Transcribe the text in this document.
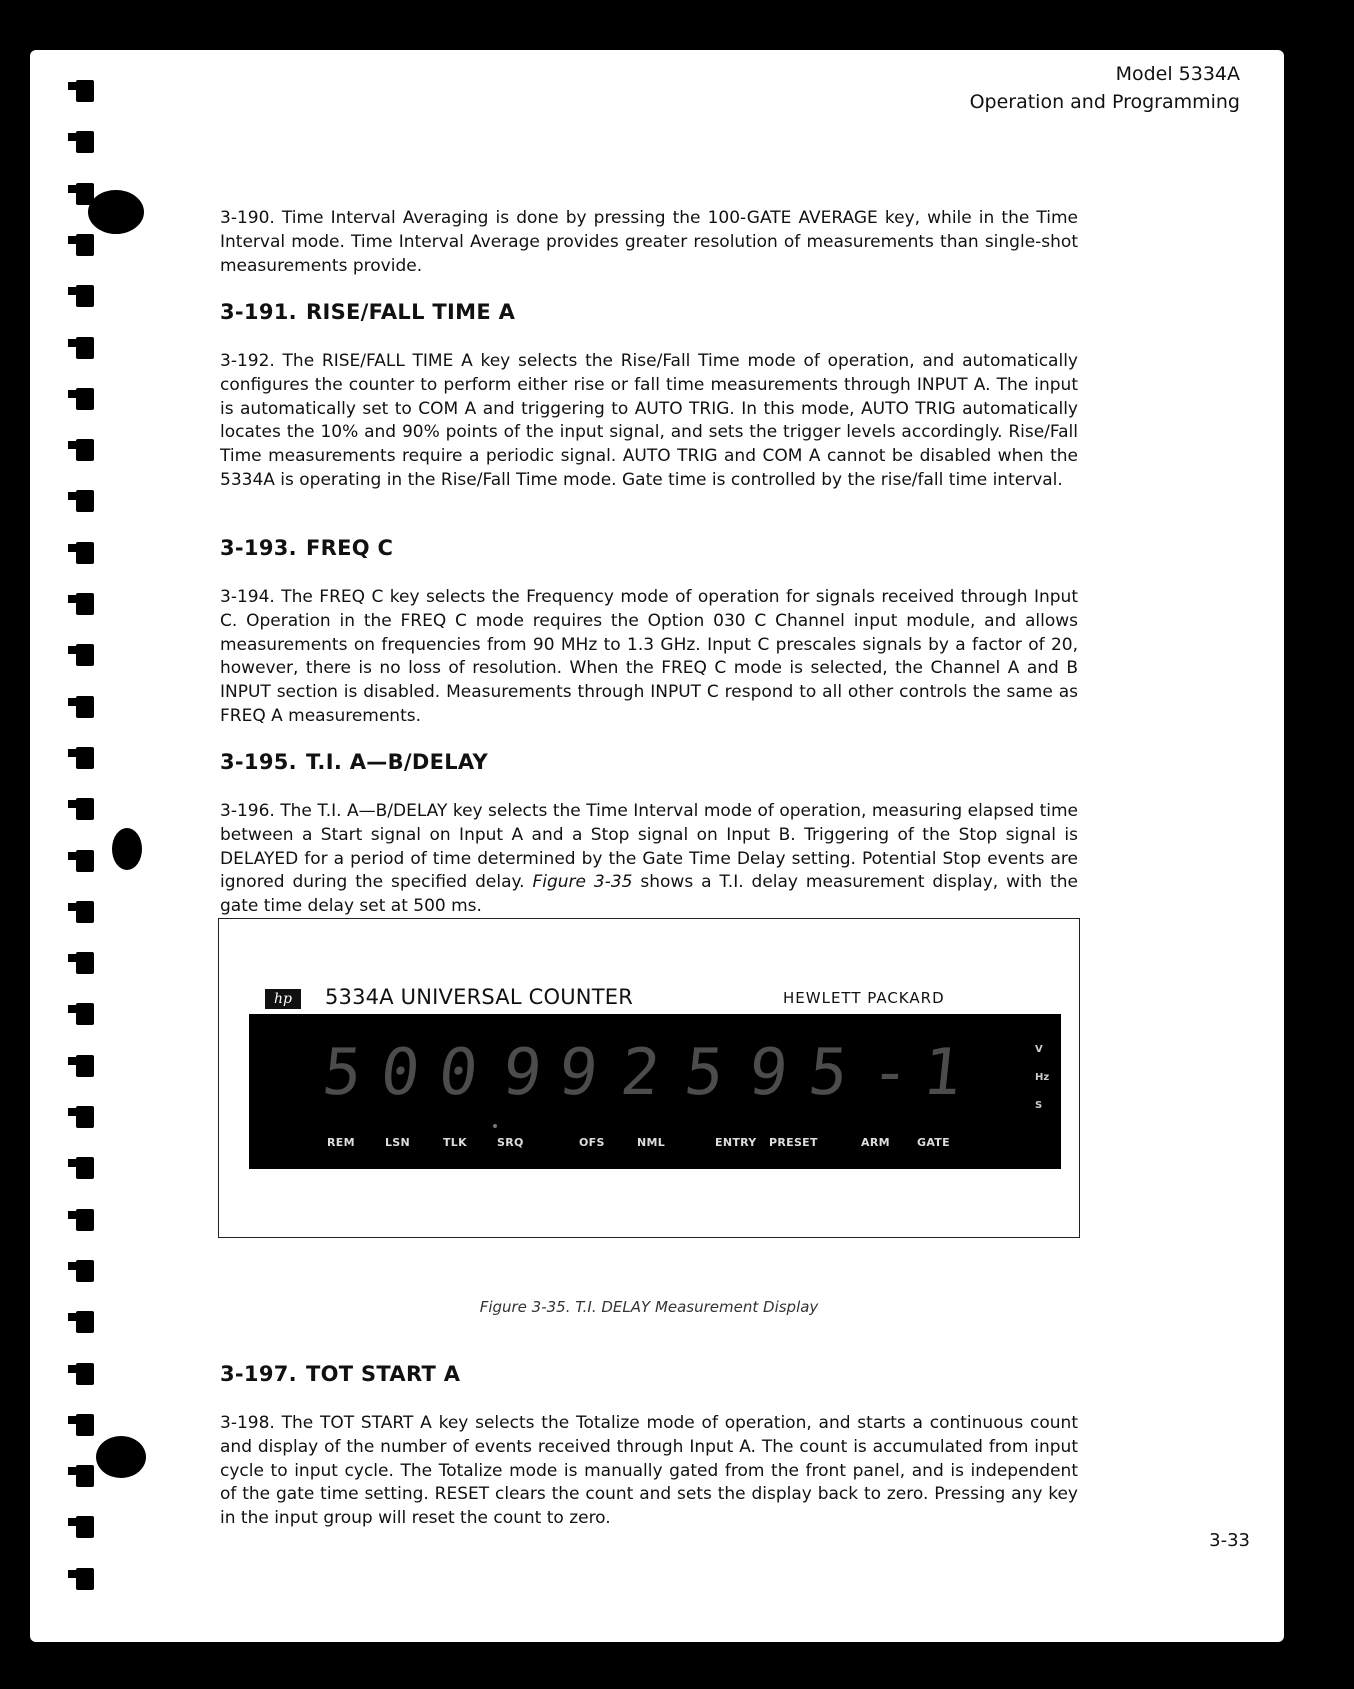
Model 5334A
Operation and Programming
3-190. Time Interval Averaging is done by pressing the 100-GATE AVERAGE key, while in the Time Interval mode. Time Interval Average provides greater resolution of measurements than single-shot measurements provide.
3-191. RISE/FALL TIME A
3-192. The RISE/FALL TIME A key selects the Rise/Fall Time mode of operation, and automatically configures the counter to perform either rise or fall time measurements through INPUT A. The input is automatically set to COM A and triggering to AUTO TRIG. In this mode, AUTO TRIG automatically locates the 10% and 90% points of the input signal, and sets the trigger levels accordingly. Rise/Fall Time measurements require a periodic signal. AUTO TRIG and COM A cannot be disabled when the 5334A is operating in the Rise/Fall Time mode. Gate time is controlled by the rise/fall time interval.
3-193. FREQ C
3-194. The FREQ C key selects the Frequency mode of operation for signals received through Input C. Operation in the FREQ C mode requires the Option 030 C Channel input module, and allows measurements on frequencies from 90 MHz to 1.3 GHz. Input C prescales signals by a factor of 20, however, there is no loss of resolution. When the FREQ C mode is selected, the Channel A and B INPUT section is disabled. Measurements through INPUT C respond to all other controls the same as FREQ A measurements.
3-195. T.I. A—B/DELAY
3-196. The T.I. A—B/DELAY key selects the Time Interval mode of operation, measuring elapsed time between a Start signal on Input A and a Stop signal on Input B. Triggering of the Stop signal is DELAYED for a period of time determined by the Gate Time Delay setting. Potential Stop events are ignored during the specified delay. Figure 3-35 shows a T.I. delay measurement display, with the gate time delay set at 500 ms.
hp	5334A UNIVERSAL COUNTER	HEWLETT PACKARD
5 0 0 9 9 2 5 9 5 - 1	V
Hz
S
REM	LSN	TLK	SRQ	OFS	NML	ENTRY PRESET	ARM GATE
Figure 3-35. T.I. DELAY Measurement Display
3-197. TOT START A
3-198. The TOT START A key selects the Totalize mode of operation, and starts a continuous count and display of the number of events received through Input A. The count is accumulated from input cycle to input cycle. The Totalize mode is manually gated from the front panel, and is independent of the gate time setting. RESET clears the count and sets the display back to zero. Pressing any key in the input group will reset the count to zero.
3-33
